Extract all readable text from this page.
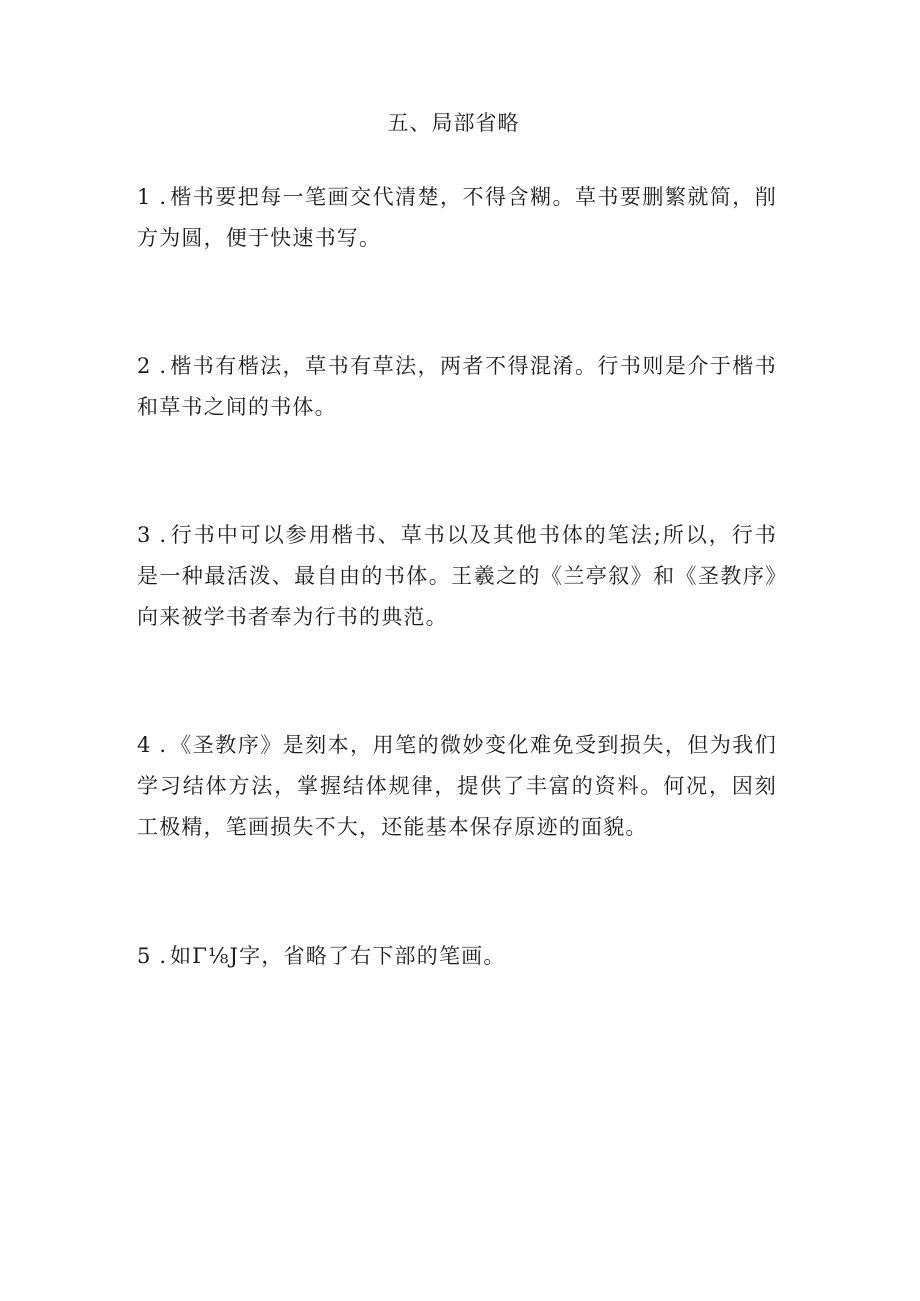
五、局部省略
1 . 楷书要把每一笔画交代清楚，不得含糊。草书要删繁就简，削方为圆，便于快速书写。
2 . 楷书有楷法，草书有草法，两者不得混淆。行书则是介于楷书和草书之间的书体。
3 . 行书中可以参用楷书、草书以及其他书体的笔法;所以，行书是一种最活泼、最自由的书体。王羲之的《兰亭叙》和《圣教序》向来被学书者奉为行书的典范。
4 . 《圣教序》是刻本，用笔的微妙变化难免受到损失，但为我们学习结体方法，掌握结体规律，提供了丰富的资料。何况，因刻工极精，笔画损失不大，还能基本保存原迹的面貌。
5 . 如Γ⅛J字，省略了右下部的笔画。
